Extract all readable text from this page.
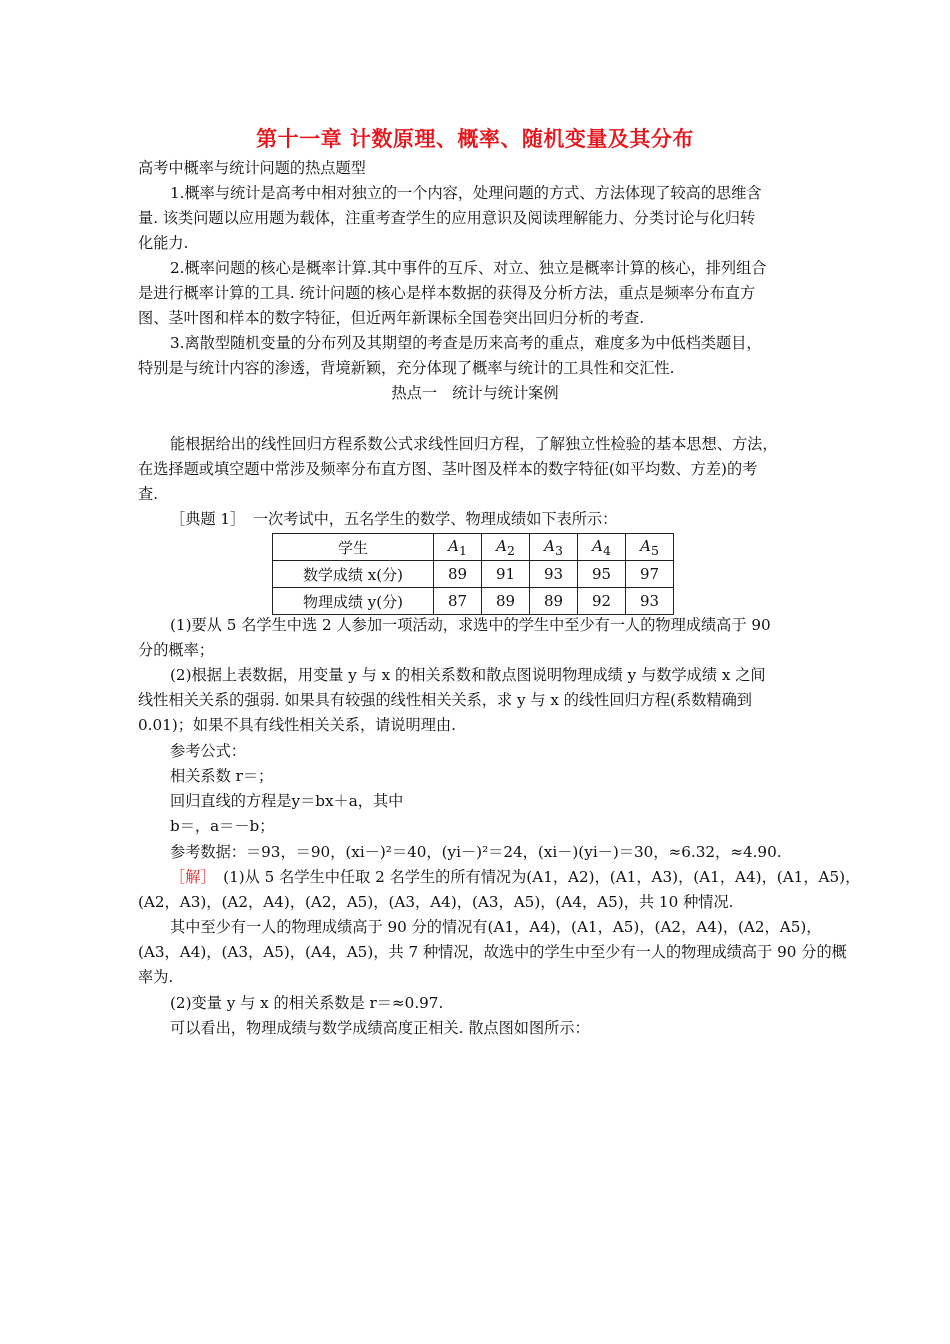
第十一章 计数原理、概率、随机变量及其分布
高考中概率与统计问题的热点题型
1.概率与统计是高考中相对独立的一个内容，处理问题的方式、方法体现了较高的思维含
量. 该类问题以应用题为载体，注重考查学生的应用意识及阅读理解能力、分类讨论与化归转
化能力.
2.概率问题的核心是概率计算.其中事件的互斥、对立、独立是概率计算的核心，排列组合
是进行概率计算的工具. 统计问题的核心是样本数据的获得及分析方法，重点是频率分布直方
图、茎叶图和样本的数字特征，但近两年新课标全国卷突出回归分析的考查.
3.离散型随机变量的分布列及其期望的考查是历来高考的重点，难度多为中低档类题目，
特别是与统计内容的渗透，背境新颖，充分体现了概率与统计的工具性和交汇性.
热点一　统计与统计案例
能根据给出的线性回归方程系数公式求线性回归方程，了解独立性检验的基本思想、方法，
在选择题或填空题中常涉及频率分布直方图、茎叶图及样本的数字特征(如平均数、方差)的考
查.
［典题 1］　一次考试中，五名学生的数学、物理成绩如下表所示：
学生	$A_1$	$A_2$	$A_3$	$A_4$	$A_5$
数学成绩 x(分)	89	91	93	95	97
物理成绩 y(分)	87	89	89	92	93
(1)要从 5 名学生中选 2 人参加一项活动，求选中的学生中至少有一人的物理成绩高于 90
分的概率；
(2)根据上表数据，用变量 y 与 x 的相关系数和散点图说明物理成绩 y 与数学成绩 x 之间
线性相关关系的强弱. 如果具有较强的线性相关关系，求 y 与 x 的线性回归方程(系数精确到
0.01)；如果不具有线性相关关系，请说明理由.
参考公式：
相关系数 r＝；
回归直线的方程是y＝bx＋a，其中
b＝，a＝－b；
参考数据：＝93，＝90，(xi－)²＝40，(yi－)²＝24，(xi－)(yi－)＝30，≈6.32，≈4.90.
［解］　 (1)从 5 名学生中任取 2 名学生的所有情况为(A1，A2)，(A1，A3)，(A1，A4)，(A1，A5)，
(A2，A3)，(A2，A4)，(A2，A5)，(A3，A4)，(A3，A5)，(A4，A5)，共 10 种情况.
其中至少有一人的物理成绩高于 90 分的情况有(A1，A4)，(A1，A5)，(A2，A4)，(A2，A5)，
(A3，A4)，(A3，A5)，(A4，A5)，共 7 种情况，故选中的学生中至少有一人的物理成绩高于 90 分的概
率为.
(2)变量 y 与 x 的相关系数是 r＝≈0.97.
可以看出，物理成绩与数学成绩高度正相关. 散点图如图所示：
